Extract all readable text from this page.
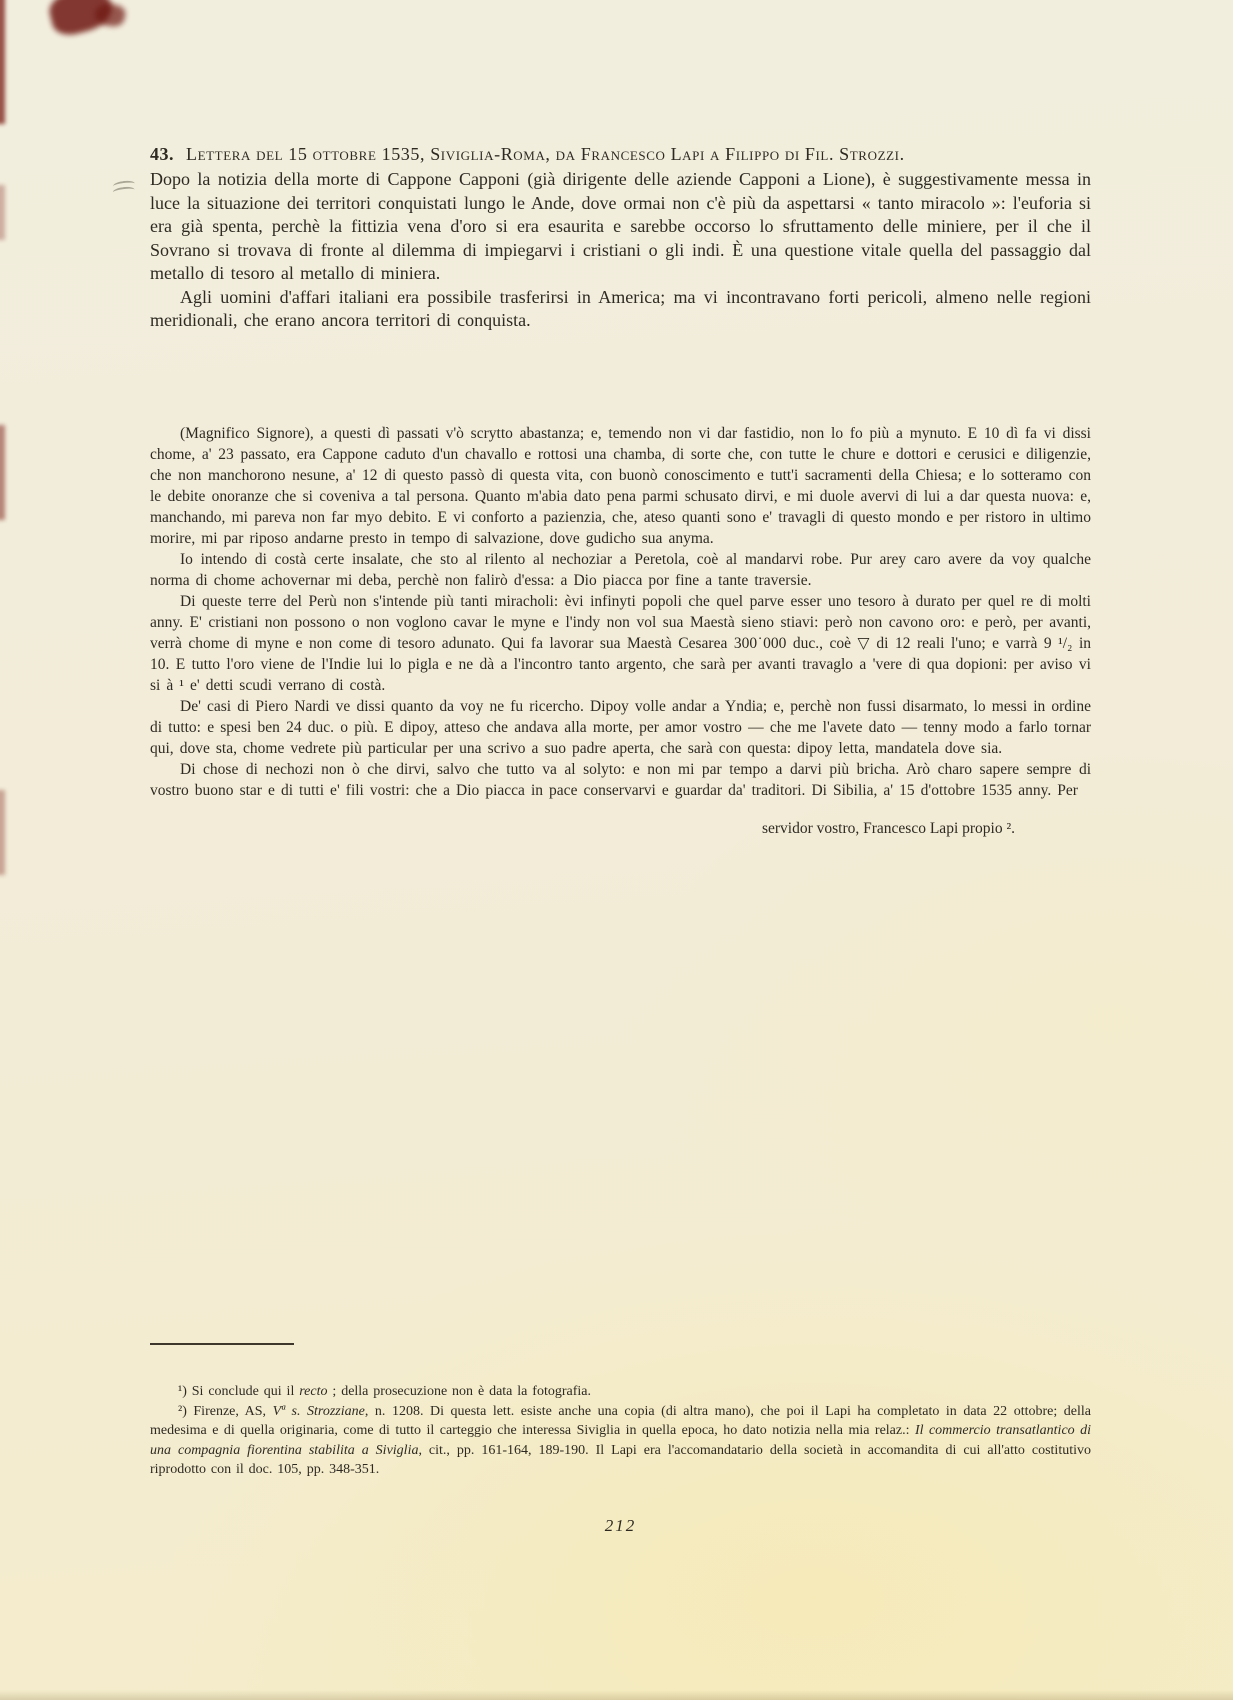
43. Lettera del 15 ottobre 1535, Siviglia-Roma, da Francesco Lapi a Filippo di Fil. Strozzi.

Dopo la notizia della morte di Cappone Capponi (già dirigente delle aziende Capponi a Lione), è suggestivamente messa in luce la situazione dei territori conquistati lungo le Ande, dove ormai non c'è più da aspettarsi « tanto miracolo »: l'euforia si era già spenta, perchè la fittizia vena d'oro si era esaurita e sarebbe occorso lo sfruttamento delle miniere, per il che il Sovrano si trovava di fronte al dilemma di impiegarvi i cristiani o gli indi. È una questione vitale quella del passaggio dal metallo di tesoro al metallo di miniera.

Agli uomini d'affari italiani era possibile trasferirsi in America; ma vi incontravano forti pericoli, almeno nelle regioni meridionali, che erano ancora territori di conquista.

(Magnifico Signore), a questi dì passati v'ò scrytto abastanza; e, temendo non vi dar fastidio, non lo fo più a mynuto. E 10 dì fa vi dissi chome, a' 23 passato, era Cappone caduto d'un chavallo e rottosi una chamba, di sorte che, con tutte le chure e dottori e cerusici e diligenzie, che non manchorono nesune, a' 12 di questo passò di questa vita, con buonò conoscimento e tutt'i sacramenti della Chiesa; e lo sotteramo con le debite onoranze che si coveniva a tal persona. Quanto m'abia dato pena parmi schusato dirvi, e mi duole avervi di lui a dar questa nuova: e, manchando, mi pareva non far myo debito. E vi conforto a pazienzia, che, ateso quanti sono e' travagli di questo mondo e per ristoro in ultimo morire, mi par riposo andarne presto in tempo di salvazione, dove gudicho sua anyma.

Io intendo di costà certe insalate, che sto al rilento al nechoziar a Peretola, coè al mandarvi robe. Pur arey caro avere da voy qualche norma di chome achovernar mi deba, perchè non falirò d'essa: a Dio piacca por fine a tante traversie.

Di queste terre del Perù non s'intende più tanti miracholi: èvi infinyti popoli che quel parve esser uno tesoro à durato per quel re di molti anny. E' cristiani non possono o non voglono cavar le myne e l'indy non vol sua Maestà sieno stiavi: però non cavono oro: e però, per avanti, verrà chome di myne e non come di tesoro adunato. Qui fa lavorar sua Maestà Cesarea 300˙000 duc., coè ▽ di 12 reali l'uno; e varrà 9 ¹/₂ in 10. E tutto l'oro viene de l'Indie lui lo pigla e ne dà a l'incontro tanto argento, che sarà per avanti travaglo a 'vere di qua dopioni: per aviso vi si à ¹ e' detti scudi verrano di costà.

De' casi di Piero Nardi ve dissi quanto da voy ne fu ricercho. Dipoy volle andar a Yndia; e, perchè non fussi disarmato, lo messi in ordine di tutto: e spesi ben 24 duc. o più. E dipoy, atteso che andava alla morte, per amor vostro — che me l'avete dato — tenny modo a farlo tornar qui, dove sta, chome vedrete più particular per una scrivo a suo padre aperta, che sarà con questa: dipoy letta, mandatela dove sia.

Di chose di nechozi non ò che dirvi, salvo che tutto va al solyto: e non mi par tempo a darvi più bricha. Arò charo sapere sempre di vostro buono star e di tutti e' fili vostri: che a Dio piacca in pace conservarvi e guardar da' traditori. Di Sibilia, a' 15 d'ottobre 1535 anny. Per

servidor vostro, Francesco Lapi propio ².

¹) Si conclude qui il recto ; della prosecuzione non è data la fotografia.

²) Firenze, AS, Vª s. Strozziane, n. 1208. Di questa lett. esiste anche una copia (di altra mano), che poi il Lapi ha completato in data 22 ottobre; della medesima e di quella originaria, come di tutto il carteggio che interessa Siviglia in quella epoca, ho dato notizia nella mia relaz.: Il commercio transatlantico di una compagnia fiorentina stabilita a Siviglia, cit., pp. 161-164, 189-190. Il Lapi era l'accomandatario della società in accomandita di cui all'atto costitutivo riprodotto con il doc. 105, pp. 348-351.

212
